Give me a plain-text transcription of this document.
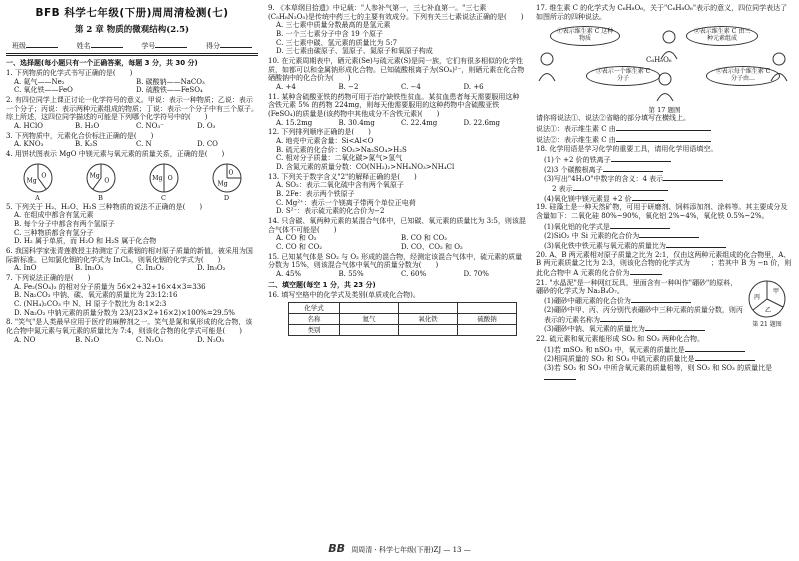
BFB 科学七年级(下册)周周清检测(七)
第 2 章 物质的微观结构(2.5)
班级	姓名	学号	得分
一、选择题(每小题只有一个正确答案，每题 3 分，共 30 分)
1. 下列物质的化学式书写正确的是(　　)
A. 氦气——Ne₂	B. 碳酸钠——NaCO₃
C. 氧化铁——FeO	D. 硫酸铁——FeSO₄
2. 有四位同学上课正讨论一化学符号的意义。甲说：表示一种物质；乙说：表示一个分子；丙说：表示两种元素组成的物质；丁说：表示一个分子中有三个原子。综上所述，这四位同学描述的可能是下列哪个化学符号中的(　　)
A. HClO	B. H₂O	C. NO₃⁻	D. O₃
3. 下列物质中，元素化合价标注正确的是(　　)
A. KNO₃	B. K₂S	C. N	D. CO
4. 用饼状图表示 MgO 中镁元素与氧元素的质量关系，正确的是(　　)
Mg
O
A
Mg
O
B
Mg O
C
Mg
O
D
5. 下列关于 H₂、H₂O、H₂S 三种物质的说法不正确的是(　　)
A. 在组成中都含有氢元素
B. 每个分子中都含有两个氢原子
C. 三种物质都含有氢分子
D. H₂ 属于单质，而 H₂O 和 H₂S 属于化合物
6. 我国科学家张青莲教授主持测定了元素铟的相对原子质量的新值，被采用为国际新标准。已知氯化铟的化学式为 InCl₃，则氧化铟的化学式为(　　)
A. InO	B. In₂O₃	C. In₃O₂	D. In₃O₂
7. 下列说法正确的是(　　)
A. Fe₂(SO₄)₃ 的相对分子质量为 56×2+32+16×4×3=336
B. Na₂CO₃ 中钠、碳、氧元素的质量比为 23:12:16
C. (NH₄)₂CO₃ 中 N、H 原子个数比为 8:1×2:3
D. Na₂O₂ 中钠元素的质量分数为 23/(23×2+16×2)×100%=29.5%
8. "笑气"是人类最早应用于医疗的麻醉剂之一。笑气是氮和氧形成的化合物，该化合物中氮元素与氧元素的质量比为 7:4，则该化合物的化学式可能是(　　)
A. NO	B. N₂O	C. N₂O₃	D. N₂O₅
9. 《本草纲目拾遗》中记载："人参补气第一，三七补血第一。"三七素(C₅H₈N₂O₅)是传统中药三七的主要有效成分。下列有关三七素说法正确的是(　　)
A. 三七素中质量分数最高的是氢元素
B. 一个三七素分子中含 19 个原子
C. 三七素中碳、氢元素的质量比为 5:7
D. 三七素由碳原子、氢原子、氮原子和氧原子构成
10. 在元素周期表中，硒元素(Se)与硫元素(S)是同一族，它们有很多相似的化学性质，如都可以和金属钠形成化合物。已知硫酸根离子为(SO₄)²⁻，则硒元素在化合物硒酸钠中的化合价为(　　)
A. +4	B. −2	C. −4	D. +6
11. 某种含硫酸亚铁的药物可用于治疗缺铁性贫血。某贫血患者每天需要服用这种含铁元素 5% 的药物 224mg，则每天他需要服用的这种药物中含硫酸亚铁(FeSO₄)的质量是(该药物中其他成分不含铁元素)(　　)
A. 15.2mg	B. 30.4mg	C. 22.4mg	D. 22.6mg
12. 下列排列顺序正确的是(　　)
A. 地壳中元素含量：Si<Al<O
B. 硫元素的化合价：SO₂>Na₂SO₄>H₂S
C. 相对分子质量：二氧化碳>氮气>氢气
D. 含氮元素的质量分数：CO(NH₂)₂>NH₄NO₃>NH₄Cl
13. 下列关于数字含义"2"的解释正确的是(　　)
A. SO₂：表示二氧化硫中含有两个氧原子
B. 2Fe：表示两个铁原子
C. Mg²⁺：表示一个镁离子带两个单位正电荷
D. S²⁻：表示硫元素的化合价为−2
14. 只含碳、氧两种元素的某混合气体中，已知碳、氧元素的质量比为 3:5，则该混合气体不可能是(　　)
A. CO 和 O₂	B. CO 和 CO₂
C. CO 和 CO₂	D. CO、CO₂ 和 O₂
15. 已知某气体是 SO₂ 与 O₂ 形成的混合物，经测定该混合气体中，硫元素的质量分数为 15%，则该混合气体中氧气的质量分数为(　　)
A. 45%	B. 55%	C. 60%	D. 70%
二、填空题(每空 1 分，共 23 分)
16. 填写空格中的化学式及类别(单质或化合物)。
化学式			
名称	氦气	氧化铁	硫酸钠
类别			
17. 维生素 C 的化学式为 C₆H₈O₆，关于"C₆H₈O₆"表示的意义，四位同学表达了如图所示的四种说法。
①表示维生素 C 这种物质
②表示维生素 C 由三种元素组成
③表示一个维生素 C 分子
④表示每个维生素 C 分子由…
C₆H₈O₆
第 17 题图
请你将说法①、说法②省略的部分填写在横线上。
说法①：表示维生素 C 由
说法②：表示维生素 C 由
18. 化学用语是学习化学的重要工具，请用化学用语填空。
(1)个 +2 价的铁离子
(2)3 个碳酸根离子
(3)写出"4H₂O"中数字的含义：4 表示
2 表示
(4)氧化镁中镁元素显 +2 价
19. 硅藻土是一种天然矿物，可用于研磨剂、饲料添加剂、涂料等。其主要成分及含量如下：二氧化硅 80%~90%，氧化铝 2%~4%，氧化铁 0.5%~2%。
(1)氧化铝的化学式是
(2)SiO₂ 中 Si 元素的化合价为
(3)氧化铁中铁元素与氧元素的质量比为
20. A、B 两元素相对原子质量之比为 2:1，仅由这两种元素组成的化合物里，A、B 两元素质量之比为 2:3，则该化合物的化学式为　　　；若其中 B 为 −n 价，则此化合物中 A 元素的化合价为
甲
乙
丙
第 21 题图
21. "水晶泥"是一种网红玩具，里面含有一种叫作"硼砂"的原料，硼砂的化学式为 Na₂B₄O₇。
(1)硼砂中硼元素的化合价为
(2)硼砂中甲、丙、丙分别代表硼砂中三种元素的质量分数，则丙表示的元素名称为
(3)硼砂中钠、氧元素的质量比为
22. 硫元素和氧元素能形成 SO₂ 和 SO₃ 两种化合物。
(1)若 mSO₂ 和 nSO₃ 中，氧元素的质量比是
(2)相同质量的 SO₂ 和 SO₃ 中硫元素的质量比是
(3)若 SO₂ 和 SO₃ 中所含氧元素的质量相等，则 SO₂ 和 SO₃ 的质量比是
BB 周周清 · 科学七年级(下册)ZJ — 13 —
